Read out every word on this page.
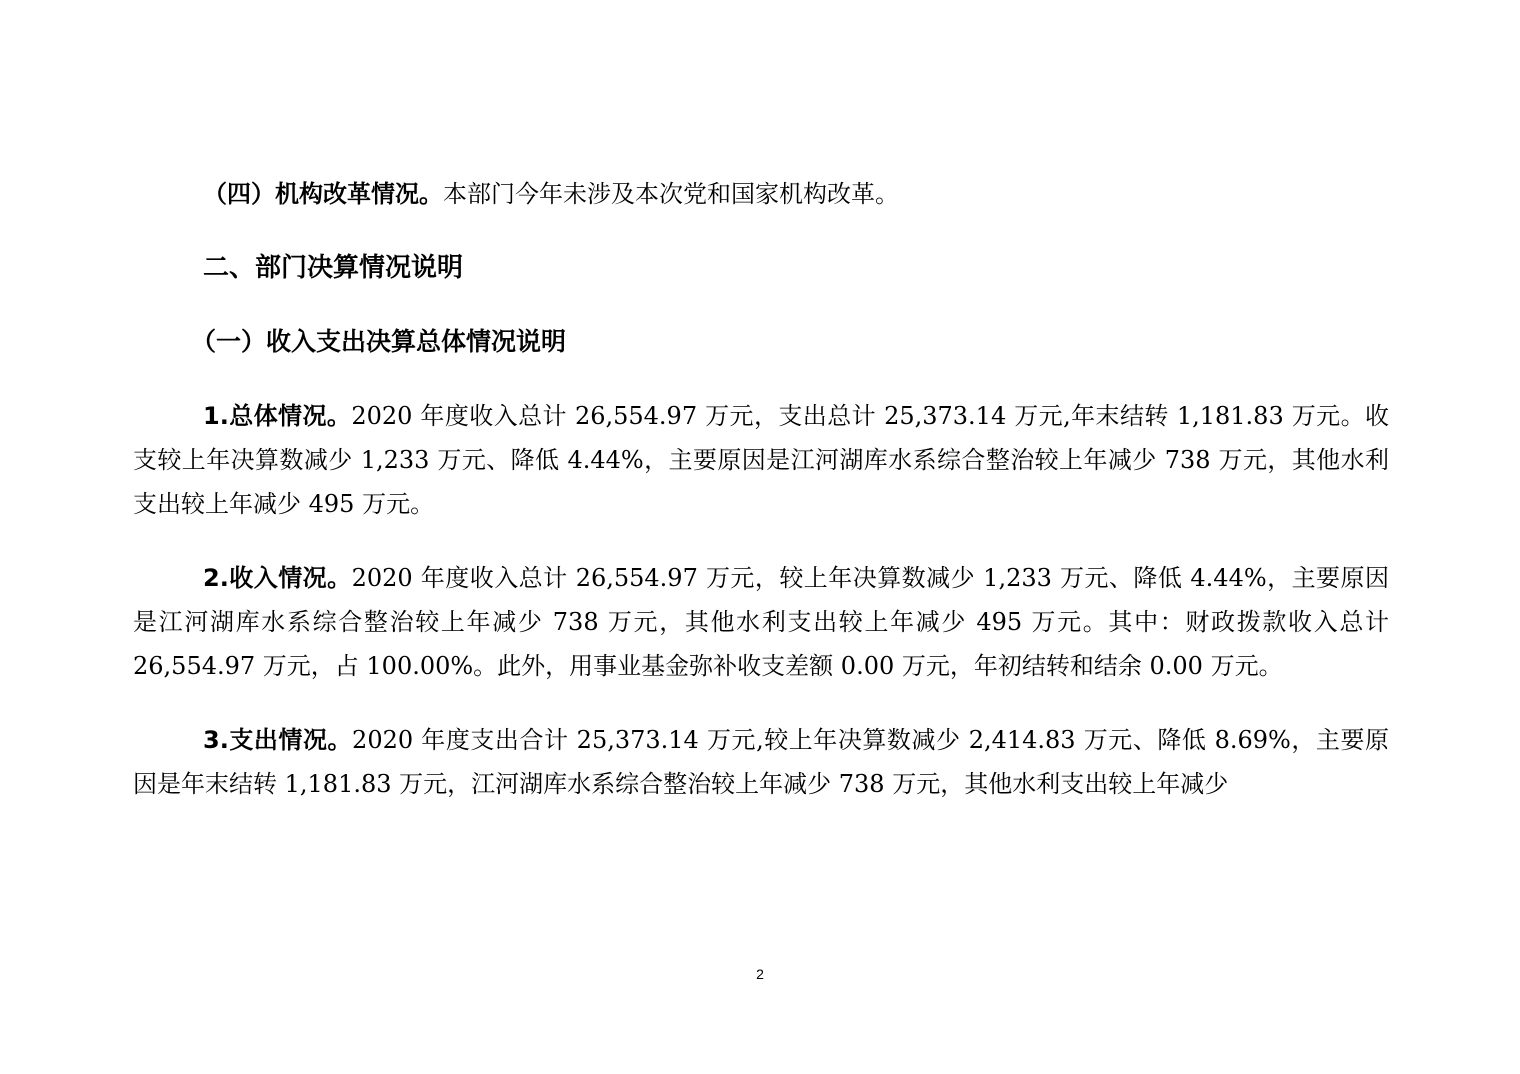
（四）机构改革情况。本部门今年未涉及本次党和国家机构改革。

二、部门决算情况说明
（一）收入支出决算总体情况说明

1.总体情况。2020 年度收入总计 26,554.97 万元，支出总计 25,373.14 万元,年末结转 1,181.83 万元。收支较上年决算数减少 1,233 万元、降低 4.44%，主要原因是江河湖库水系综合整治较上年减少 738 万元，其他水利支出较上年减少 495 万元。

2.收入情况。2020 年度收入总计 26,554.97 万元，较上年决算数减少 1,233 万元、降低 4.44%，主要原因是江河湖库水系综合整治较上年减少 738 万元，其他水利支出较上年减少 495 万元。其中：财政拨款收入总计 26,554.97 万元，占 100.00%。此外，用事业基金弥补收支差额 0.00 万元，年初结转和结余 0.00 万元。

3.支出情况。2020 年度支出合计 25,373.14 万元,较上年决算数减少 2,414.83 万元、降低 8.69%，主要原因是年末结转 1,181.83 万元，江河湖库水系综合整治较上年减少 738 万元，其他水利支出较上年减少

2
